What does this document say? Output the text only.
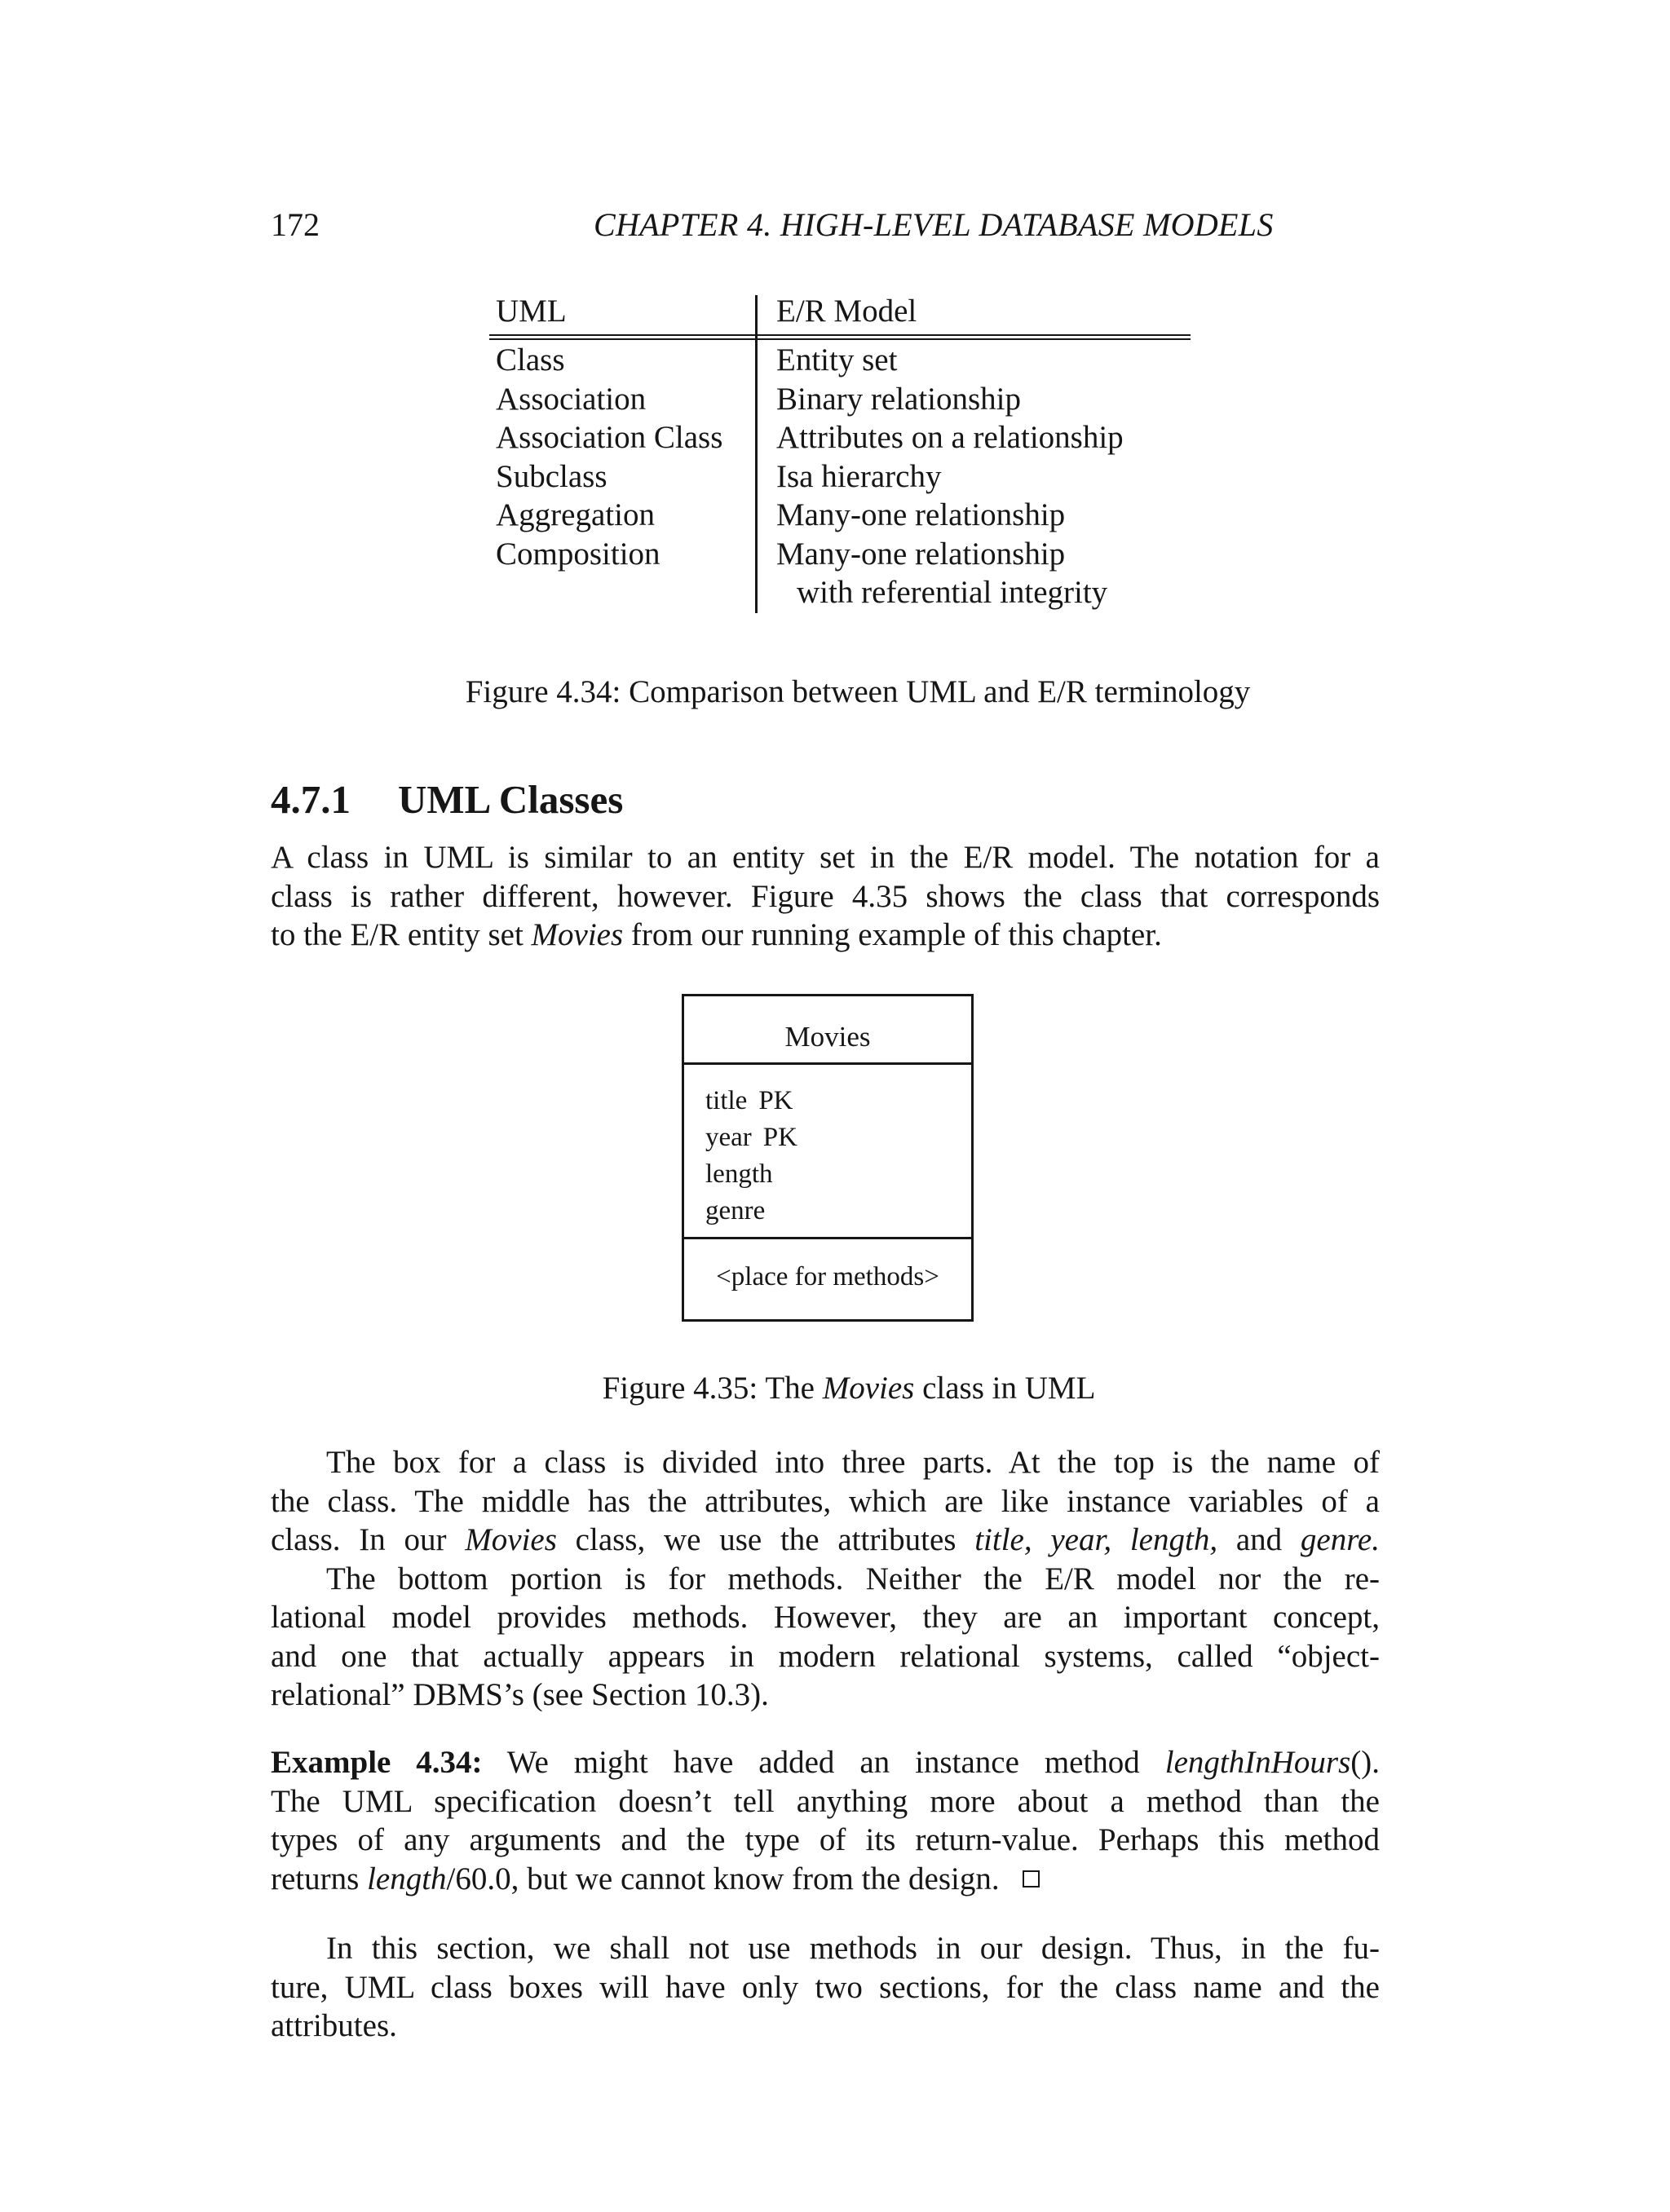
172	CHAPTER 4. HIGH-LEVEL DATABASE MODELS
UML
Class
Association
Association Class
Subclass
Aggregation
Composition
E/R Model
Entity set
Binary relationship
Attributes on a relationship
Isa hierarchy
Many-one relationship
Many-one relationship
with referential integrity
Figure 4.34: Comparison between UML and E/R terminology
4.7.1 UML Classes
A class in UML is similar to an entity set in the E/R model. The notation for a
class is rather different, however. Figure 4.35 shows the class that corresponds
to the E/R entity set Movies from our running example of this chapter.
Movies
title PK
year PK
length
genre
<place for methods>
Figure 4.35: The Movies class in UML
The box for a class is divided into three parts. At the top is the name of
the class. The middle has the attributes, which are like instance variables of a
class. In our Movies class, we use the attributes title, year, length, and genre.
The bottom portion is for methods. Neither the E/R model nor the re-
lational model provides methods. However, they are an important concept,
and one that actually appears in modern relational systems, called “object-
relational” DBMS’s (see Section 10.3).
Example 4.34: We might have added an instance method lengthInHours().
The UML specification doesn’t tell anything more about a method than the
types of any arguments and the type of its return-value. Perhaps this method
returns length/60.0, but we cannot know from the design.
In this section, we shall not use methods in our design. Thus, in the fu-
ture, UML class boxes will have only two sections, for the class name and the
attributes.
